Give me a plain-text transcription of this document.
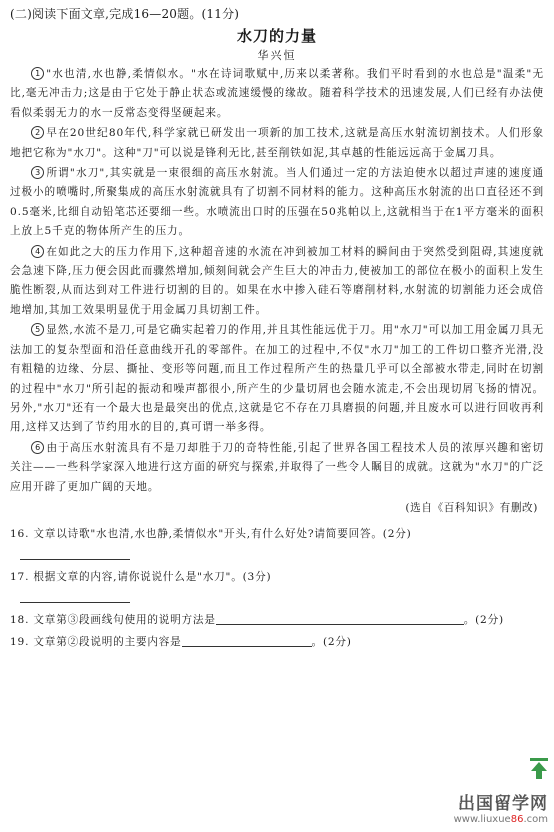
(二)阅读下面文章,完成16—20题。(11分)
水刀的力量
华兴恒

1 "水也清,水也静,柔情似水。"水在诗词歌赋中,历来以柔著称。我们平时看到的水也总是"温柔"无比,毫无冲击力;这是由于它处于静止状态或流速缓慢的缘故。随着科学技术的迅速发展,人们已经有办法使看似柔弱无力的水一反常态变得坚硬起来。

2 早在20世纪80年代,科学家就已研发出一项新的加工技术,这就是高压水射流切割技术。人们形象地把它称为"水刀"。这种"刀"可以说是锋利无比,甚至削铁如泥,其卓越的性能远远高于金属刀具。

3 所谓"水刀",其实就是一束很细的高压水射流。当人们通过一定的方法迫使水以超过声速的速度通过极小的喷嘴时,所聚集成的高压水射流就具有了切割不同材料的能力。这种高压水射流的出口直径还不到0.5毫米,比细自动铅笔芯还要细一些。水喷流出口时的压强在50兆帕以上,这就相当于在1平方毫米的面积上放上5千克的物体所产生的压力。

4 在如此之大的压力作用下,这种超音速的水流在冲到被加工材料的瞬间由于突然受到阻碍,其速度就会急速下降,压力便会因此而骤然增加,倾刻间就会产生巨大的冲击力,使被加工的部位在极小的面积上发生脆性断裂,从而达到对工件进行切割的目的。如果在水中掺入硅石等磨削材料,水射流的切割能力还会成倍地增加,其加工效果明显优于用金属刀具切割工件。

5 显然,水流不是刀,可是它确实起着刀的作用,并且其性能远优于刀。用"水刀"可以加工用金属刀具无法加工的复杂型面和沿任意曲线开孔的零部件。在加工的过程中,不仅"水刀"加工的工件切口整齐光滑,没有粗糙的边缘、分层、撕扯、变形等问题,而且工作过程所产生的热量几乎可以全部被水带走,同时在切割的过程中"水刀"所引起的振动和噪声都很小,所产生的少量切屑也会随水流走,不会出现切屑飞扬的情况。另外,"水刀"还有一个最大也是最突出的优点,这就是它不存在刀具磨损的问题,并且废水可以进行回收再利用,这样又达到了节约用水的目的,真可谓一举多得。

6 由于高压水射流具有不是刀却胜于刀的奇特性能,引起了世界各国工程技术人员的浓厚兴趣和密切关注——一些科学家深入地进行这方面的研究与探索,并取得了一些令人瞩目的成就。这就为"水刀"的广泛应用开辟了更加广阔的天地。

(选自《百科知识》有删改)
16. 文章以诗歌"水也清,水也静,柔情似水"开头,有什么好处?请简要回答。(2分)
17. 根据文章的内容,请你说说什么是"水刀"。(3分)
18. 文章第③段画线句使用的说明方法是	。(2分)
19. 文章第②段说明的主要内容是	。(2分)
出国留学网
www.liuxue86.com
